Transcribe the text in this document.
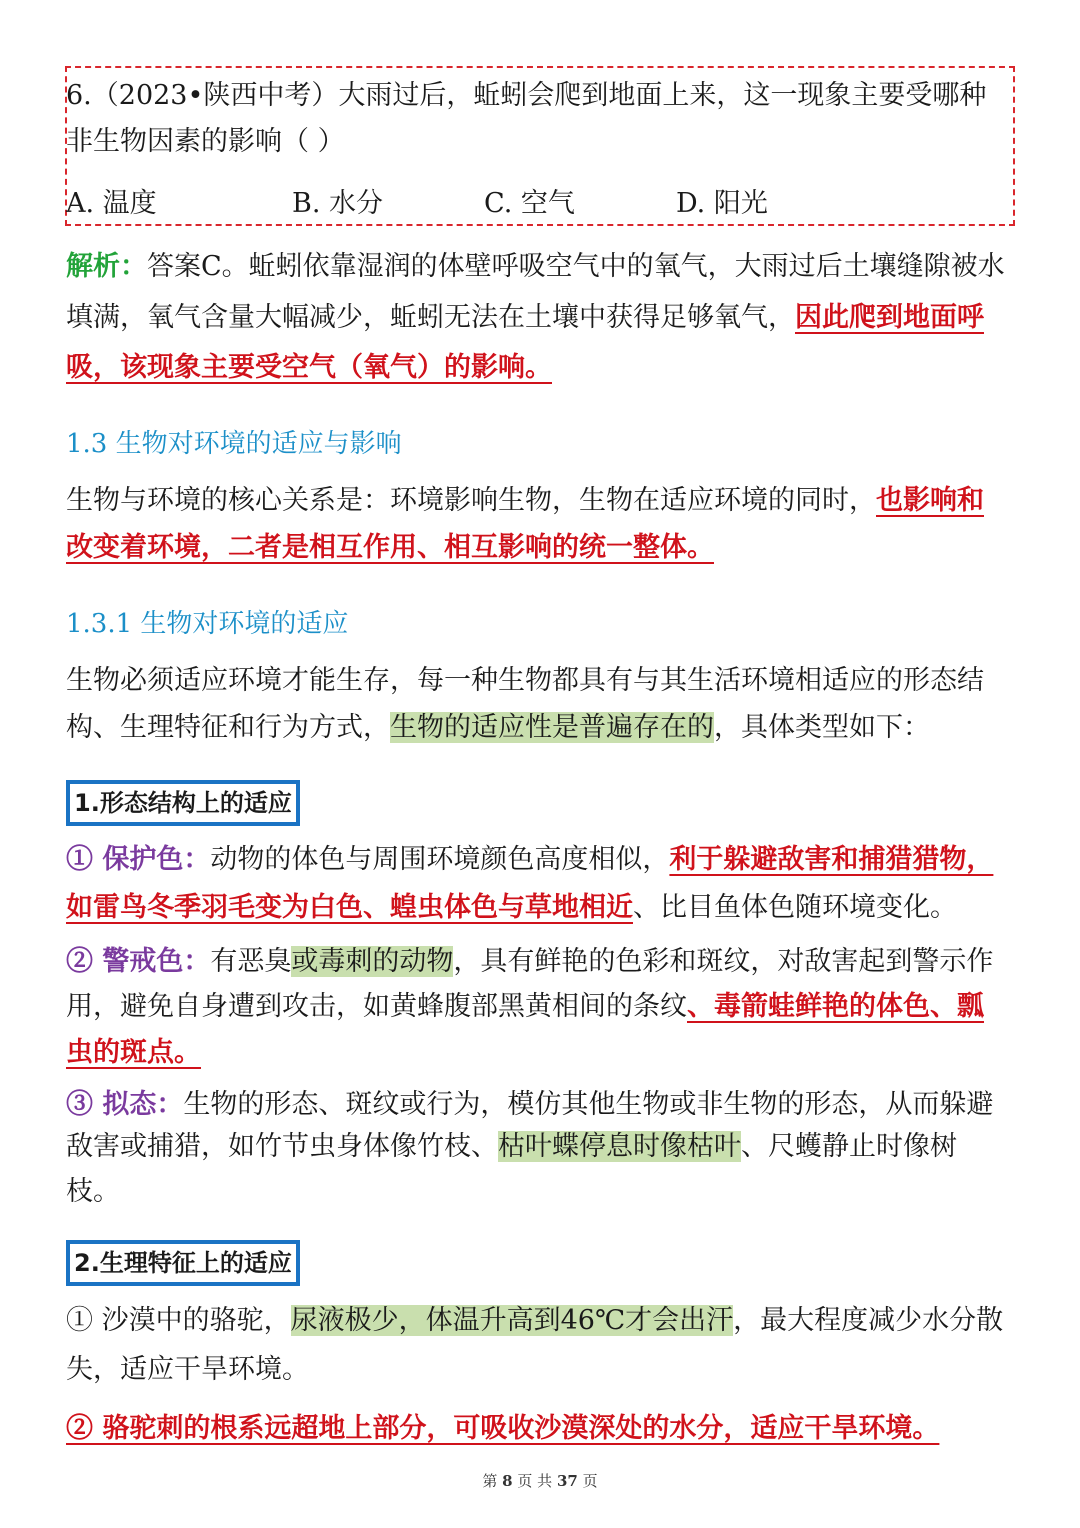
6.（2023•陕西中考）大雨过后，蚯蚓会爬到地面上来，这一现象主要受哪种
非生物因素的影响（ ）
A. 温度	B. 水分	C. 空气	D. 阳光
解析：答案C。蚯蚓依靠湿润的体壁呼吸空气中的氧气，大雨过后土壤缝隙被水
填满，氧气含量大幅减少，蚯蚓无法在土壤中获得足够氧气，因此爬到地面呼
吸，该现象主要受空气（氧气）的影响。
1.3 生物对环境的适应与影响
生物与环境的核心关系是：环境影响生物，生物在适应环境的同时，也影响和
改变着环境，二者是相互作用、相互影响的统一整体。
1.3.1 生物对环境的适应
生物必须适应环境才能生存，每一种生物都具有与其生活环境相适应的形态结
构、生理特征和行为方式，生物的适应性是普遍存在的，具体类型如下：
1.形态结构上的适应
① 保护色：动物的体色与周围环境颜色高度相似，利于躲避敌害和捕猎猎物，
如雷鸟冬季羽毛变为白色、蝗虫体色与草地相近、比目鱼体色随环境变化。
② 警戒色：有恶臭或毒刺的动物，具有鲜艳的色彩和斑纹，对敌害起到警示作
用，避免自身遭到攻击，如黄蜂腹部黑黄相间的条纹、毒箭蛙鲜艳的体色、瓢
虫的斑点。
③ 拟态：生物的形态、斑纹或行为，模仿其他生物或非生物的形态，从而躲避
敌害或捕猎，如竹节虫身体像竹枝、枯叶蝶停息时像枯叶、尺蠖静止时像树
枝。
2.生理特征上的适应
① 沙漠中的骆驼，尿液极少，体温升高到46℃才会出汗，最大程度减少水分散
失，适应干旱环境。
② 骆驼刺的根系远超地上部分，可吸收沙漠深处的水分，适应干旱环境。
第 8 页 共 37 页
